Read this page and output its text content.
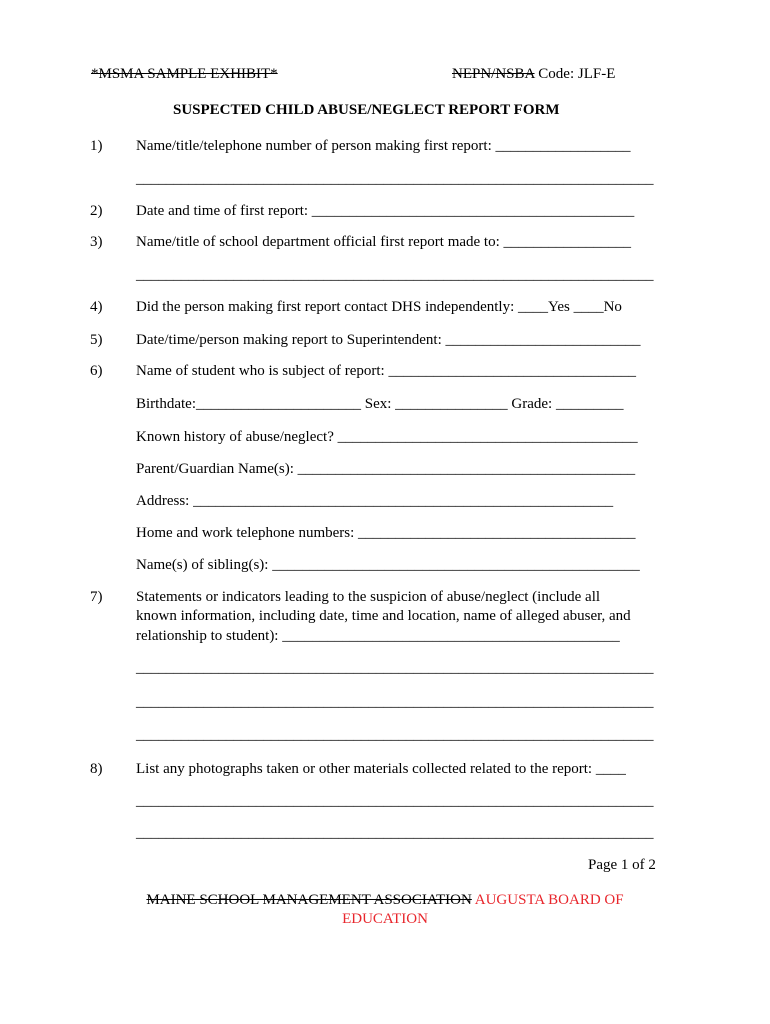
*MSMA SAMPLE EXHIBIT*	NEPN/NSBA Code: JLF-E
SUSPECTED CHILD ABUSE/NEGLECT REPORT FORM
1) Name/title/telephone number of person making first report: __________________
_____________________________________________________________________
2) Date and time of first report: ___________________________________________
3) Name/title of school department official first report made to: _________________
_____________________________________________________________________
4) Did the person making first report contact DHS independently: ____Yes ____No
5) Date/time/person making report to Superintendent: __________________________
6) Name of student who is subject of report: _________________________________
Birthdate:______________________ Sex: _______________ Grade: _________
Known history of abuse/neglect? ________________________________________
Parent/Guardian Name(s): _____________________________________________
Address: ________________________________________________________
Home and work telephone numbers: _____________________________________
Name(s) of sibling(s): _________________________________________________
7) Statements or indicators leading to the suspicion of abuse/neglect (include all
known information, including date, time and location, name of alleged abuser, and
relationship to student): _____________________________________________
_____________________________________________________________________
_____________________________________________________________________
_____________________________________________________________________
8) List any photographs taken or other materials collected related to the report: ____
_____________________________________________________________________
_____________________________________________________________________
Page 1 of 2
MAINE SCHOOL MANAGEMENT ASSOCIATION AUGUSTA BOARD OF
EDUCATION
